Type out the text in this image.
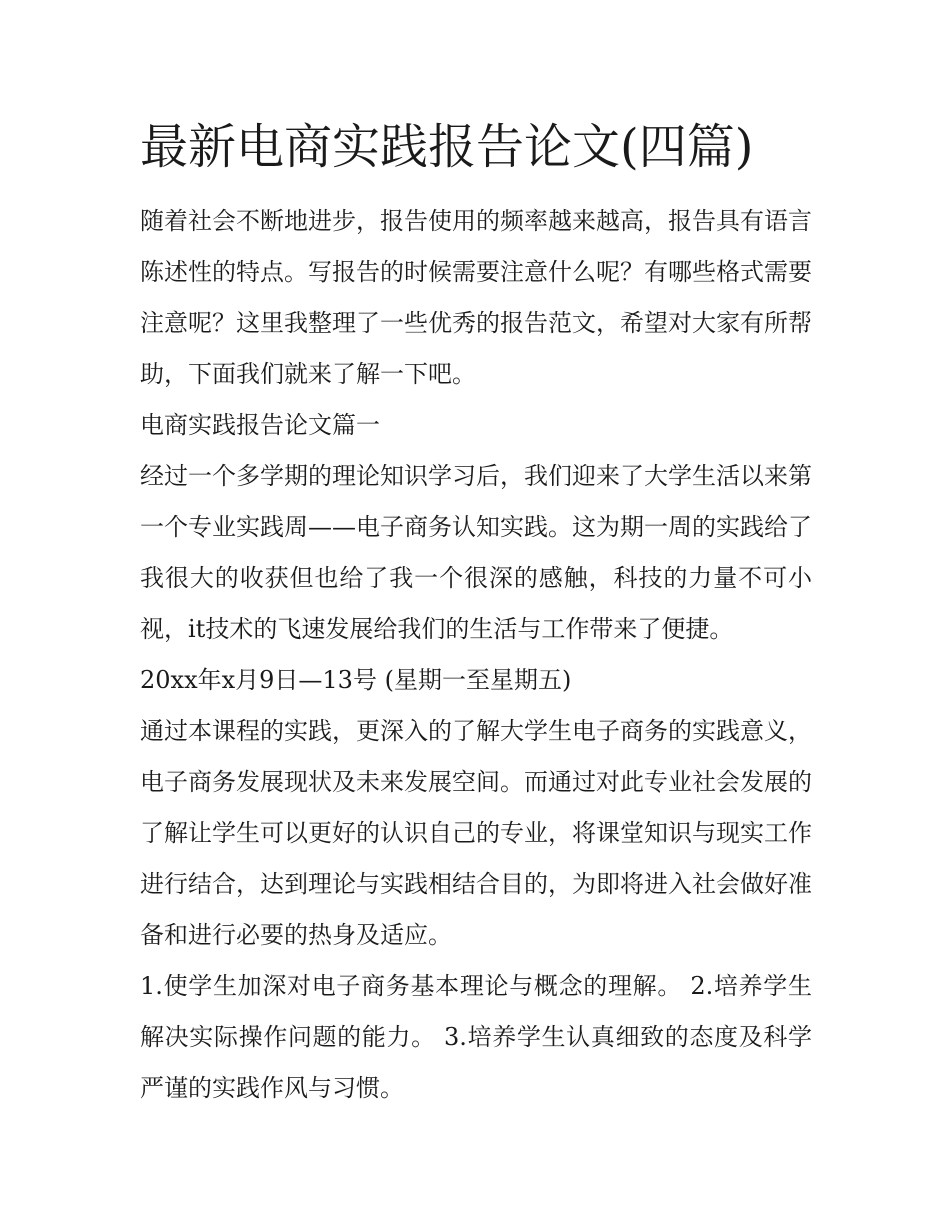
最新电商实践报告论文(四篇)

随着社会不断地进步，报告使用的频率越来越高，报告具有语言陈述性的特点。写报告的时候需要注意什么呢？有哪些格式需要注意呢？这里我整理了一些优秀的报告范文，希望对大家有所帮助，下面我们就来了解一下吧。

电商实践报告论文篇一

经过一个多学期的理论知识学习后，我们迎来了大学生活以来第一个专业实践周——电子商务认知实践。这为期一周的实践给了我很大的收获但也给了我一个很深的感触，科技的力量不可小视，it技术的飞速发展给我们的生活与工作带来了便捷。

20xx年x月9日—13号 (星期一至星期五)

通过本课程的实践，更深入的了解大学生电子商务的实践意义，电子商务发展现状及未来发展空间。而通过对此专业社会发展的了解让学生可以更好的认识自己的专业，将课堂知识与现实工作进行结合，达到理论与实践相结合目的，为即将进入社会做好准备和进行必要的热身及适应。

1.使学生加深对电子商务基本理论与概念的理解。 2.培养学生解决实际操作问题的能力。 3.培养学生认真细致的态度及科学严谨的实践作风与习惯。
